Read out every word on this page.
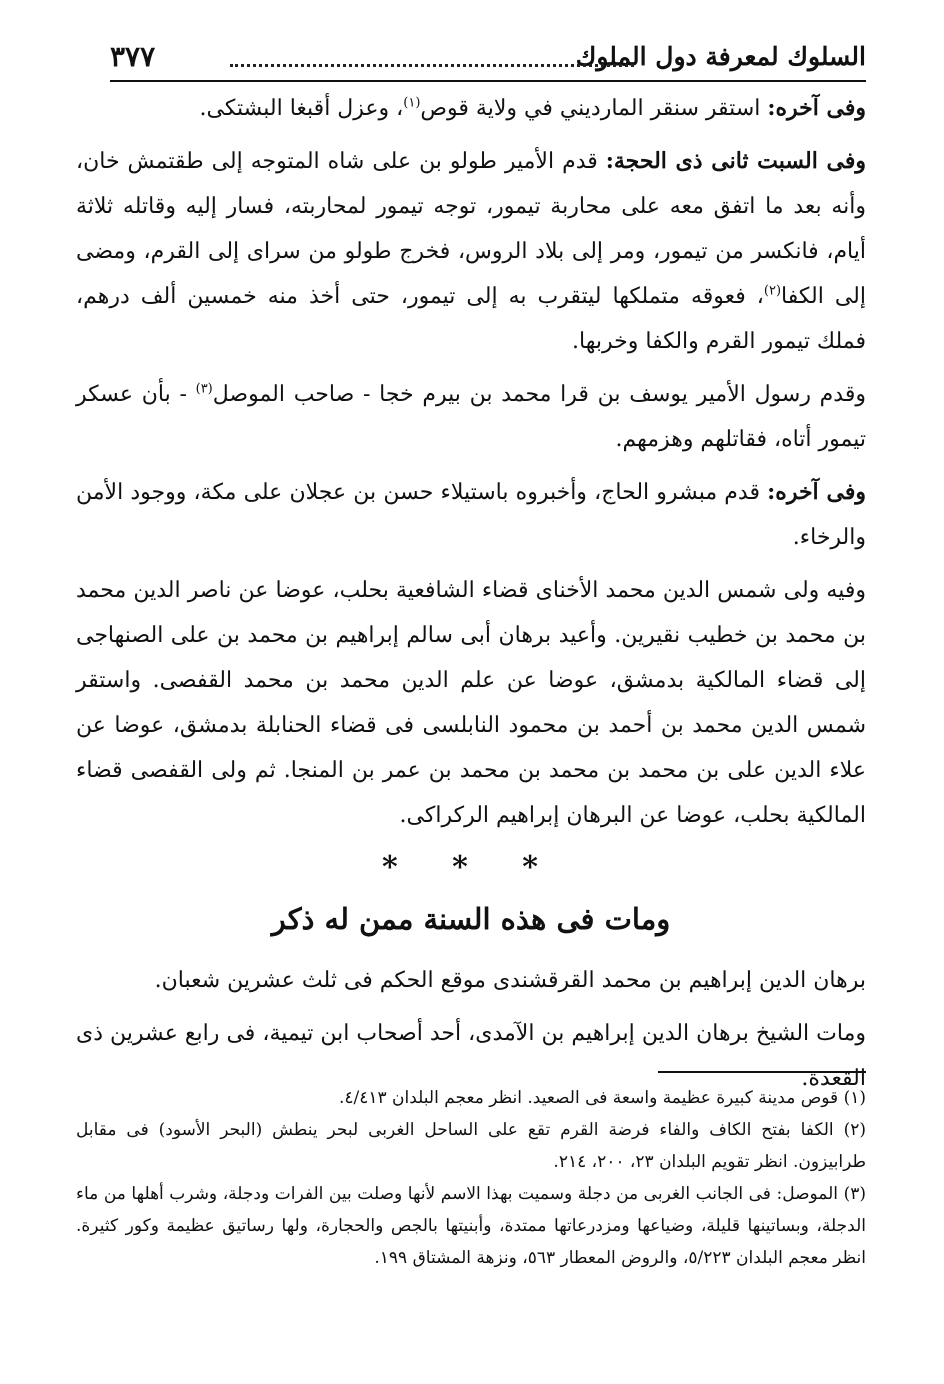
السلوك لمعرفة دول الملوك
٣٧٧

وفى آخره: استقر سنقر المارديني في ولاية قوص$^{(١)}$، وعزل أقبغا البشتكى.

وفى السبت ثانى ذى الحجة: قدم الأمير طولو بن على شاه المتوجه إلى طقتمش خان، وأنه بعد ما اتفق معه على محاربة تيمور، توجه تيمور لمحاربته، فسار إليه وقاتله ثلاثة أيام، فانكسر من تيمور، ومر إلى بلاد الروس، فخرج طولو من سراى إلى القرم، ومضى إلى الكفا$^{(٢)}$، فعوقه متملكها ليتقرب به إلى تيمور، حتى أخذ منه خمسين ألف درهم، فملك تيمور القرم والكفا وخربها.

وقدم رسول الأمير يوسف بن قرا محمد بن بيرم خجا - صاحب الموصل$^{(٣)}$ - بأن عسكر تيمور أتاه، فقاتلهم وهزمهم.

وفى آخره: قدم مبشرو الحاج، وأخبروه باستيلاء حسن بن عجلان على مكة، ووجود الأمن والرخاء.

وفيه ولى شمس الدين محمد الأخناى قضاء الشافعية بحلب، عوضا عن ناصر الدين محمد بن محمد بن خطيب نقيرين. وأعيد برهان أبى سالم إبراهيم بن محمد بن على الصنهاجى إلى قضاء المالكية بدمشق، عوضا عن علم الدين محمد بن محمد القفصى. واستقر شمس الدين محمد بن أحمد بن محمود النابلسى فى قضاء الحنابلة بدمشق، عوضا عن علاء الدين على بن محمد بن محمد بن محمد بن عمر بن المنجا. ثم ولى القفصى قضاء المالكية بحلب، عوضا عن البرهان إبراهيم الركراكى.

* * *
ومات فى هذه السنة ممن له ذكر

برهان الدين إبراهيم بن محمد القرقشندى موقع الحكم فى ثلث عشرين شعبان.

ومات الشيخ برهان الدين إبراهيم بن الآمدى، أحد أصحاب ابن تيمية، فى رابع عشرين ذى القعدة.

(١) قوص مدينة كبيرة عظيمة واسعة فى الصعيد. انظر معجم البلدان ٤/٤١٣.

(٢) الكفا بفتح الكاف والفاء فرضة القرم تقع على الساحل الغربى لبحر ينطش (البحر الأسود) فى مقابل طرابيزون. انظر تقويم البلدان ٢٣، ٢٠٠، ٢١٤.

(٣) الموصل: فى الجانب الغربى من دجلة وسميت بهذا الاسم لأنها وصلت بين الفرات ودجلة، وشرب أهلها من ماء الدجلة، وبساتينها قليلة، وضياعها ومزدرعاتها ممتدة، وأبنيتها بالجص والحجارة، ولها رساتيق عظيمة وكور كثيرة. انظر معجم البلدان ٥/٢٢٣، والروض المعطار ٥٦٣، ونزهة المشتاق ١٩٩.
